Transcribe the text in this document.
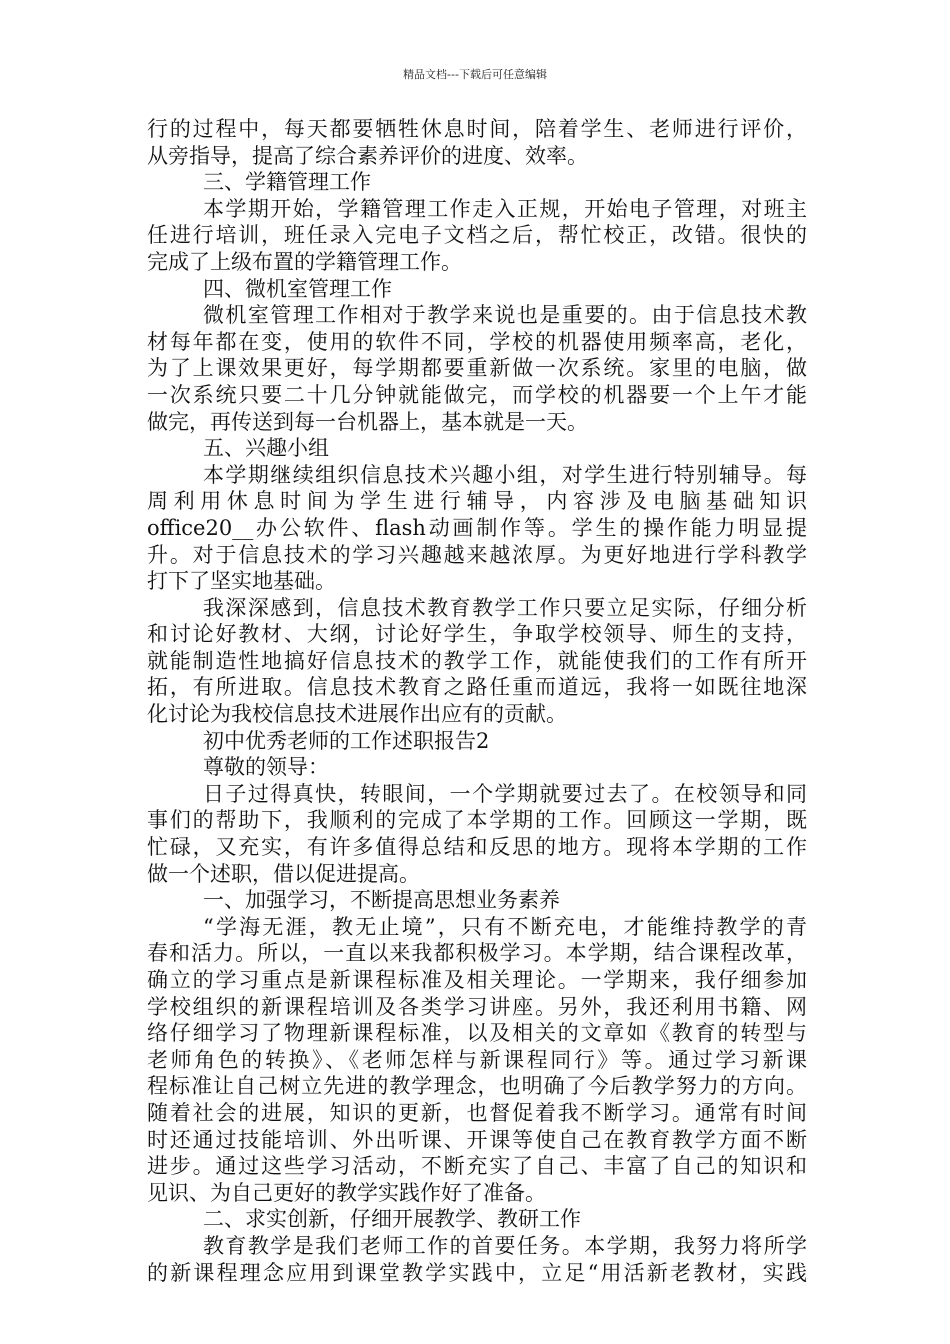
精品文档---下载后可任意编辑
行的过程中，每天都要牺牲休息时间，陪着学生、老师进行评价，
从旁指导，提高了综合素养评价的进度、效率。
三、学籍管理工作
本学期开始，学籍管理工作走入正规，开始电子管理，对班主
任进行培训，班任录入完电子文档之后，帮忙校正，改错。很快的
完成了上级布置的学籍管理工作。
四、微机室管理工作
微机室管理工作相对于教学来说也是重要的。由于信息技术教
材每年都在变，使用的软件不同，学校的机器使用频率高，老化，
为了上课效果更好，每学期都要重新做一次系统。家里的电脑，做
一次系统只要二十几分钟就能做完，而学校的机器要一个上午才能
做完，再传送到每一台机器上，基本就是一天。
五、兴趣小组
本学期继续组织信息技术兴趣小组，对学生进行特别辅导。每
周利用休息时间为学生进行辅导，内容涉及电脑基础知识
office20__办公软件、flash动画制作等。学生的操作能力明显提
升。对于信息技术的学习兴趣越来越浓厚。为更好地进行学科教学
打下了坚实地基础。
我深深感到，信息技术教育教学工作只要立足实际，仔细分析
和讨论好教材、大纲，讨论好学生，争取学校领导、师生的支持，
就能制造性地搞好信息技术的教学工作，就能使我们的工作有所开
拓，有所进取。信息技术教育之路任重而道远，我将一如既往地深
化讨论为我校信息技术进展作出应有的贡献。
初中优秀老师的工作述职报告2
尊敬的领导：
日子过得真快，转眼间，一个学期就要过去了。在校领导和同
事们的帮助下，我顺利的完成了本学期的工作。回顾这一学期，既
忙碌，又充实，有许多值得总结和反思的地方。现将本学期的工作
做一个述职，借以促进提高。
一、加强学习，不断提高思想业务素养
“学海无涯，教无止境”，只有不断充电，才能维持教学的青
春和活力。所以，一直以来我都积极学习。本学期，结合课程改革，
确立的学习重点是新课程标准及相关理论。一学期来，我仔细参加
学校组织的新课程培训及各类学习讲座。另外，我还利用书籍、网
络仔细学习了物理新课程标准，以及相关的文章如《教育的转型与
老师角色的转换》、《老师怎样与新课程同行》等。通过学习新课
程标准让自己树立先进的教学理念，也明确了今后教学努力的方向。
随着社会的进展，知识的更新，也督促着我不断学习。通常有时间
时还通过技能培训、外出听课、开课等使自己在教育教学方面不断
进步。通过这些学习活动，不断充实了自己、丰富了自己的知识和
见识、为自己更好的教学实践作好了准备。
二、求实创新，仔细开展教学、教研工作
教育教学是我们老师工作的首要任务。本学期，我努力将所学
的新课程理念应用到课堂教学实践中，立足“用活新老教材，实践
